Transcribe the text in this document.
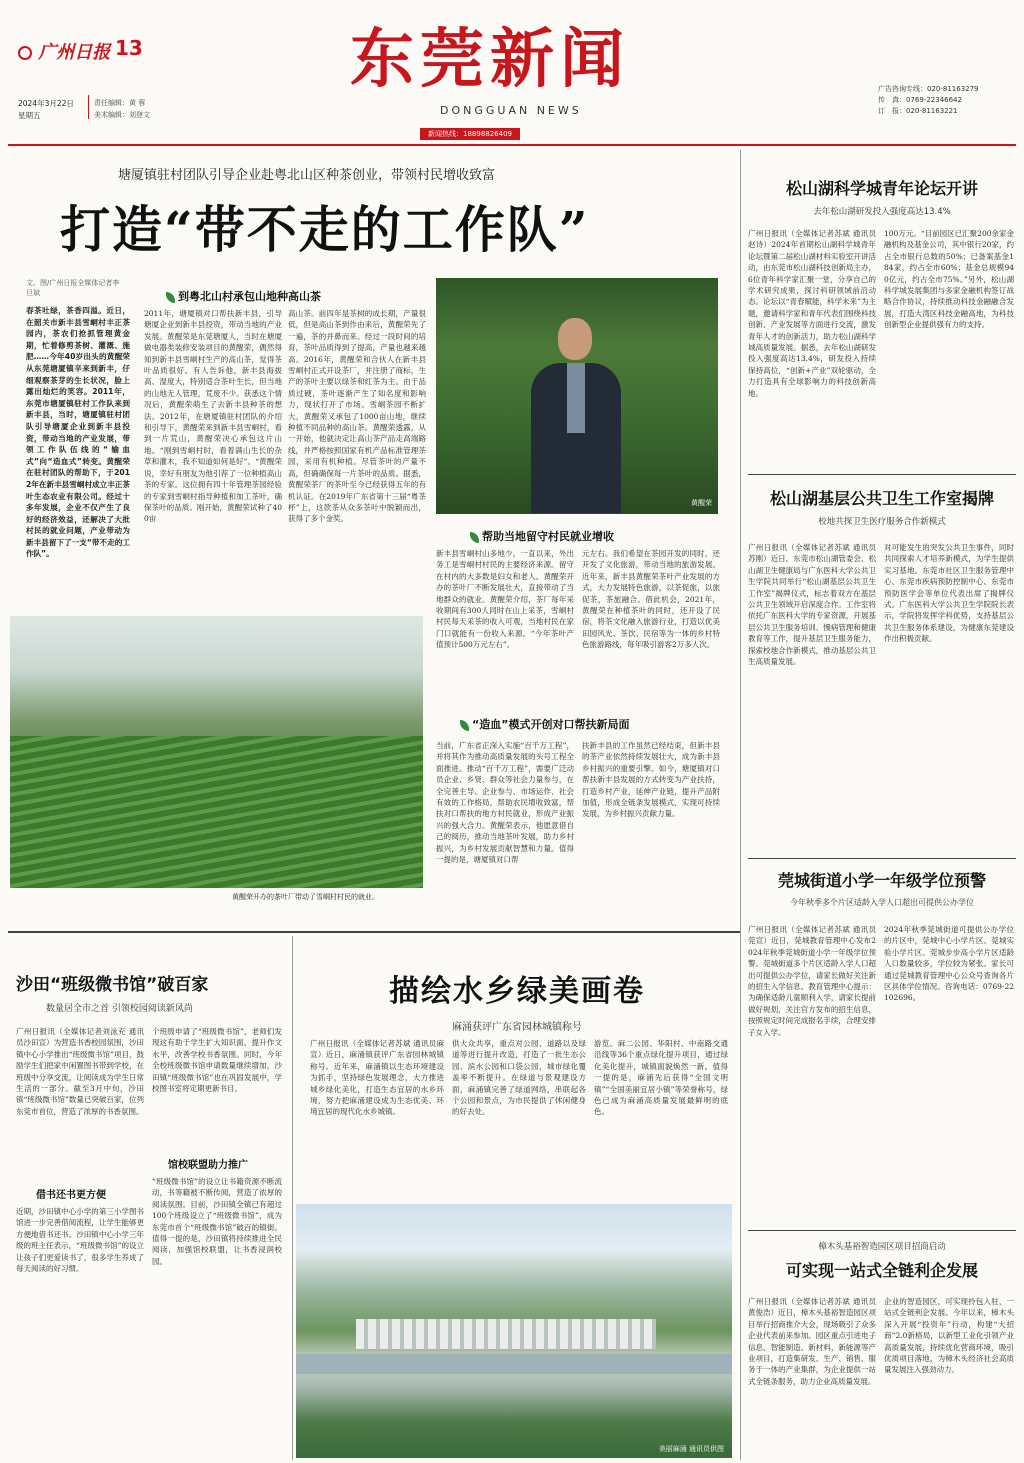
广州日报 13
2024年3月22日
星期五
责任编辑：黄 蓉
美术编辑：刘登文
东莞新闻
DONGGUAN NEWS
新闻热线：18898826409
广告咨询专线：020-81163279
传　真：0769-22346642
订　报：020-81163221
塘厦镇驻村团队引导企业赴粤北山区种茶创业，带领村民增收致富
打造“带不走的工作队”
文、图/广州日报全媒体记者李旦斌
春茶吐绿，茶香四溢。近日，在韶关市新丰县雪峒村丰正茶园内，茶农们抢抓管理黄金期，忙着修剪茶树、灌溉、施肥……今年40岁出头的黄醒荣从东莞塘厦镇辛来到新丰，仔细观察茶芽的生长状况，脸上露出灿烂的笑容。2011年，东莞市塘厦镇驻村工作队来到新丰县，当时，塘厦镇驻村团队引导塘厦企业到新丰县投资，带动当地的产业发展，带领工作队伍线的“输血式”向“造血式”转变。黄醒荣在驻村团队的帮助下，于2012年在新丰县雪峒村成立丰正茶叶生态农业有限公司。经过十多年发展，企业不仅产生了良好的经济效益，还解决了大批村民的就业问题，产业带动为新丰县留下了一支“带不走的工作队”。
到粤北山村承包山地种高山茶
2011年，塘厦镇对口帮扶新丰县，引导塘厦企业到新丰县投资，带动当地的产业发展。黄醒荣是东莞塘厦人，当时在塘厦做电器类装修安装项目的黄醒荣，偶然得知到新丰县雪峒村生产的高山茶，觉得茶叶品质很好。有人告诉他，新丰县海拔高、湿度大，特别适合茶叶生长，但当地的山地无人管理，荒废不少。获悉这个情况后，黄醒荣萌生了去新丰县种茶的想法。2012年，在塘厦镇驻村团队的介绍和引导下，黄醒荣来到新丰县雪峒村，看到一片荒山，黄醒荣决心承包这片山地。“刚到雪峒村时，看着满山生长的杂草和灌木，我不知道如何是好”。“黄醒荣说，幸好有朋友为他引荐了一位种植高山茶的专家。这位拥有四十年管理茶园经验的专家到雪峒村指导种植和加工茶叶，确保茶叶的品质。刚开始，黄醒荣试种了400亩
高山茶。前四年是茶树的成长期，产量很低，但是高山茶到作由来后，黄醒荣先了一遍，茶的并鼻而来。经过一段时间的培育，茶叶品质得到了提高，产量也越来越高。2016年，黄醒荣和合伙人在新丰县雪峒村正式开设茶厂，并注册了商标，生产的茶叶主要以绿茶和红茶为主。由于品质过硬，茶叶逐渐产生了知名度和影响力，现状打开了市场。雪峒茶园不断扩大，黄醒荣又承包了1000亩山地，继续种植不同品种的高山茶。黄醒荣透露，从一开始，他就决定让高山茶产品走高端路线，并严格按照国家有机产品标准管理茶园，采用有机种植。尽管茶叶的产量不高，但确确保每一片茶叶的品质。据悉，黄醒荣茶厂的茶叶至今已经获得五年的有机认证。在2019年广东省第十三届“粤茶杯”上，这款茶从众多茶叶中脱颖而出，获得了多个金奖。
黄醒荣
黄醒荣开办的茶叶厂带动了雪峒村村民的就业。
帮助当地留守村民就业增收
新丰县雪峒村山多地少，一直以来，外出务工是雪峒村村民的主要经济来源。留守在村内的大多数是妇女和老人。黄醒荣开办的茶叶厂不断发展壮大，直接带动了当地群众的就业。黄醒荣介绍，茶厂每年采收期间有300人同时在山上采茶，雪峒村村民每天采茶的收入可观，当地村民在家门口就能有一份收入来源。“今年茶叶产值预计500万元左右”。
元左右。我们希望在茶园开发的同时，还开发了文化旅游，带动当地的旅游发展。近年来，新丰县黄醒荣茶叶产业发展的方式，大力发展特色旅游，以茶促旅，以旅促茶，茶旅融合。借此机会，2021年，黄醒荣在种植茶叶的同时，还开设了民宿，将茶文化融入旅游行业，打造以优美田园风光、茶饮、民宿等为一体的乡村特色旅游路线，每年吸引游客2万多人次。
“造血”模式开创对口帮扶新局面
当前，广东省正深入实施“百千万工程”，并将其作为推动高质量发展的头号工程全面推进。推动“百千万工程”，需要广泛动员企业、乡贤、群众等社会力量参与，在全完善主导、企业参与、市场运作、社会有效的工作格局，帮助农民增收致富，帮扶对口帮扶的地方村民就业，形成产业振兴的强大合力。黄醒荣表示，他愿意借自己的阅历，推动当地茶叶发展，助力乡村振兴，为乡村发展贡献智慧和力量。值得一提的是，塘厦镇对口帮
扶新丰县的工作虽然已经结束，但新丰县的茶产业依然持续发展壮大，成为新丰县乡村振兴的重要引擎。如今，塘厦镇对口帮扶新丰县发展的方式转变为产业扶持，打造乡村产业，延伸产业链，提升产品附加值，形成全链条发展模式，实现可持续发展，为乡村振兴贡献力量。
松山湖科学城青年论坛开讲
去年松山湖研发投入强度高达13.4%
广州日报讯（全媒体记者苏斌 通讯员赵诗）2024年首期松山湖科学城青年论坛暨第二届松山湖材料实验室开讲活动，由东莞市松山湖科技创新局主办，6位青年科学家汇聚一堂，分享自己的学术研究成果，探讨科研领域前沿动态。论坛以“青春赋能，科学未来”为主题，邀请科学家和青年代表们围绕科技创新、产业发展等方面进行交流，激发青年人才的创新活力，助力松山湖科学城高质量发展。据悉，去年松山湖研发投入强度高达13.4%，研发投入持续保持高位，“创新+产业”双轮驱动，全力打造具有全球影响力的科技创新高地。
100万元。“目前园区已汇聚200余家金融机构及基金公司，其中银行20家，约占全市银行总数的50%；已备案基金184家，约占全市60%；基金总规模940亿元，约占全市75%。”另外，松山湖科学城发展集团与多家金融机构签订战略合作协议，持续推动科技金融融合发展，打造大湾区科技金融高地，为科技创新型企业提供强有力的支持。
松山湖基层公共卫生工作室揭牌
校地共探卫生医疗服务合作新模式
广州日报讯（全媒体记者苏斌 通讯员苏刚）近日，东莞市松山湖管委会、松山湖卫生健康局与广东医科大学公共卫生学院共同举行“松山湖基层公共卫生工作室”揭牌仪式，标志着双方在基层公共卫生领域开启深度合作。工作室将依托广东医科大学的专家资源，开展基层公共卫生服务培训、慢病管理和健康教育等工作，提升基层卫生服务能力，探索校地合作新模式，推动基层公共卫生高质量发展。
对可能发生的突发公共卫生事件，同时共同探索人才培养新模式，为学生提供实习基地。东莞市社区卫生服务管理中心、东莞市疾病预防控制中心、东莞市预防医学会等单位代表出席了揭牌仪式。广东医科大学公共卫生学院院长表示，学院将发挥学科优势，支持基层公共卫生服务体系建设，为健康东莞建设作出积极贡献。
莞城街道小学一年级学位预警
今年秋季多个片区适龄入学人口超出可提供公办学位
广州日报讯（全媒体记者苏斌 通讯员莞宣）近日，莞城教育管理中心发布2024年秋季莞城街道小学一年级学位预警。莞城街道多个片区适龄入学人口超出可提供公办学位，请家长做好关注新的招生入学信息。教育管理中心提示：为确保适龄儿童顺利入学，请家长提前做好规划，关注官方发布的招生信息，按照规定时间完成报名手续，合理安排子女入学。
2024年秋季莞城街道可提供公办学位的片区中，莞城中心小学片区、莞城实验小学片区、莞城步步高小学片区适龄人口数量较多，学位较为紧张。家长可通过莞城教育管理中心公众号查询各片区具体学位情况。咨询电话：0769-22102696。
樟木头基裕智造园区项目招商启动
可实现一站式全链利企发展
广州日报讯（全媒体记者苏斌 通讯员黄俊浩）近日，樟木头基裕智造园区项目举行招商推介大会，现场吸引了众多企业代表前来参加。园区重点引进电子信息、智能制造、新材料、新能源等产业项目，打造集研发、生产、销售、服务于一体的产业集群，为企业提供一站式全链条服务，助力企业高质量发展。
企业的智造园区，可实现拎包入驻，一站式全链利企发展。今年以来，樟木头深入开展“投资年”行动，构建“大招商”2.0新格局，以新型工业化引领产业高质量发展，持续优化营商环境，吸引优质项目落地，为樟木头经济社会高质量发展注入强劲动力。
沙田“班级微书馆”破百家
数量居全市之首 引领校园阅读新风尚
广州日报讯（全媒体记者刘泳充 通讯员沙田宣）为营造书香校园氛围，沙田镇中心小学推出“班级微书馆”项目，鼓励学生们把家中闲置图书带到学校，在班级中分享交流，让阅读成为学生日常生活的一部分。截至3月中旬，沙田镇“班级微书馆”数量已突破百家，位列东莞市首位，营造了浓厚的书香氛围。
借书还书更方便
近期，沙田镇中心小学的第三小学图书馆进一步完善借阅流程，让学生能够更方便地借书还书。沙田镇中心小学三年级的班主任表示，“班级微书馆”的设立让孩子们更爱读书了，很多学生养成了每天阅读的好习惯。
个班级申请了“班级微书馆”，老师们发现这有助于学生扩大知识面，提升作文水平，改善学校书香氛围。同时，今年全校班级微书馆申请数量继续增加，沙田镇“班级微书馆”也在巩固发展中，学校图书室将定期更新书目。
馆校联盟助力推广
“班级微书馆”的设立让书籍资源不断流动，书等籍被不断传阅，营造了浓厚的阅读氛围。目前，沙田镇全镇已有超过100个班级设立了“班级微书馆”，成为东莞市首个“班级微书馆”破百的镇街。值得一提的是，沙田镇将持续推进全民阅读，加强馆校联盟，让书香浸润校园。
描绘水乡绿美画卷
麻涌获评广东省园林城镇称号
广州日报讯（全媒体记者苏斌 通讯员麻宣）近日，麻涌镇获评广东省园林城镇称号。近年来，麻涌镇以生态环境建设为抓手，坚持绿色发展理念，大力推进城乡绿化美化，打造生态宜居的水乡环境，努力把麻涌建设成为生态优美、环境宜居的现代化水乡城镇。
供大众共享，重点对公园、道路以及绿道等进行提升改造，打造了一批生态公园、滨水公园和口袋公园，城市绿化覆盖率不断提升。在绿道与景观建设方面，麻涌镇完善了绿道网络，串联起各个公园和景点，为市民提供了休闲健身的好去处。
游览。麻二公园、华阳村、中南路交通沿线等36个重点绿化提升项目，通过绿化美化提升，城镇面貌焕然一新。值得一提的是，麻涌先后获得“全国文明镇”“全国美丽宜居小镇”等荣誉称号，绿色已成为麻涌高质量发展最鲜明的底色。
美丽麻涌 通讯员供图
